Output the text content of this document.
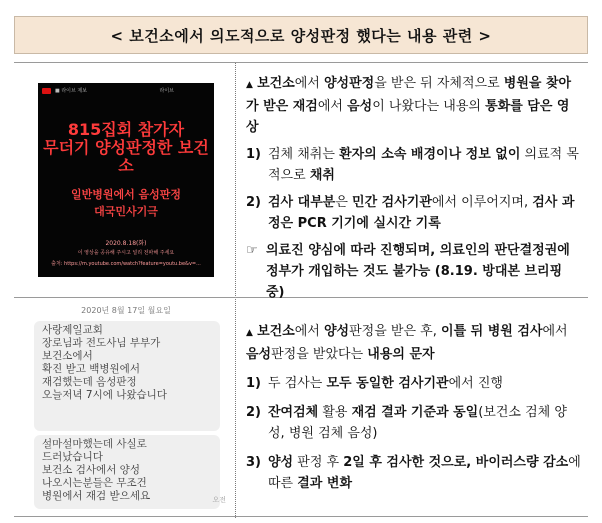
< 보건소에서 의도적으로 양성판정 했다는 내용 관련 >
■ 라이브 제보	라이브
815집회 참가자
무더기 양성판정한 보건소
일반병원에서 음성판정
대국민사기극
2020.8.18(화)
이 영상을 공유해 주시고 널리 전파해 주세요
출처: https://m.youtube.com/watch?feature=youtu.be&v=...
▲ 보건소에서 양성판정을 받은 뒤 자체적으로 병원을 찾아가 받은 재검에서 음성이 나왔다는 내용의 통화를 담은 영상
1) 검체 채취는 환자의 소속 배경이나 정보 없이 의료적 목적으로 채취
2) 검사 대부분은 민간 검사기관에서 이루어지며, 검사 과정은 PCR 기기에 실시간 기록
☞ 의료진 양심에 따라 진행되며, 의료인의 판단결정권에 정부가 개입하는 것도 불가능 (8.19. 방대본 브리핑 중)
2020년 8월 17일 월요일
사랑제일교회
장로님과 전도사님 부부가
보건소에서
확진 받고 백병원에서
재검했는데 음성판정
오늘저녁 7시에 나왔습니다
설마설마했는데 사실로
드러났습니다
보건소 검사에서 양성
나오시는분들은 무조건
병원에서 재검 받으세요	오전
▲ 보건소에서 양성판정을 받은 후, 이틀 뒤 병원 검사에서 음성판정을 받았다는 내용의 문자
1) 두 검사는 모두 동일한 검사기관에서 진행
2) 잔여검체 활용 재검 결과 기준과 동일(보건소 검체 양성, 병원 검체 음성)
3) 양성 판정 후 2일 후 검사한 것으로, 바이러스량 감소에 따른 결과 변화
